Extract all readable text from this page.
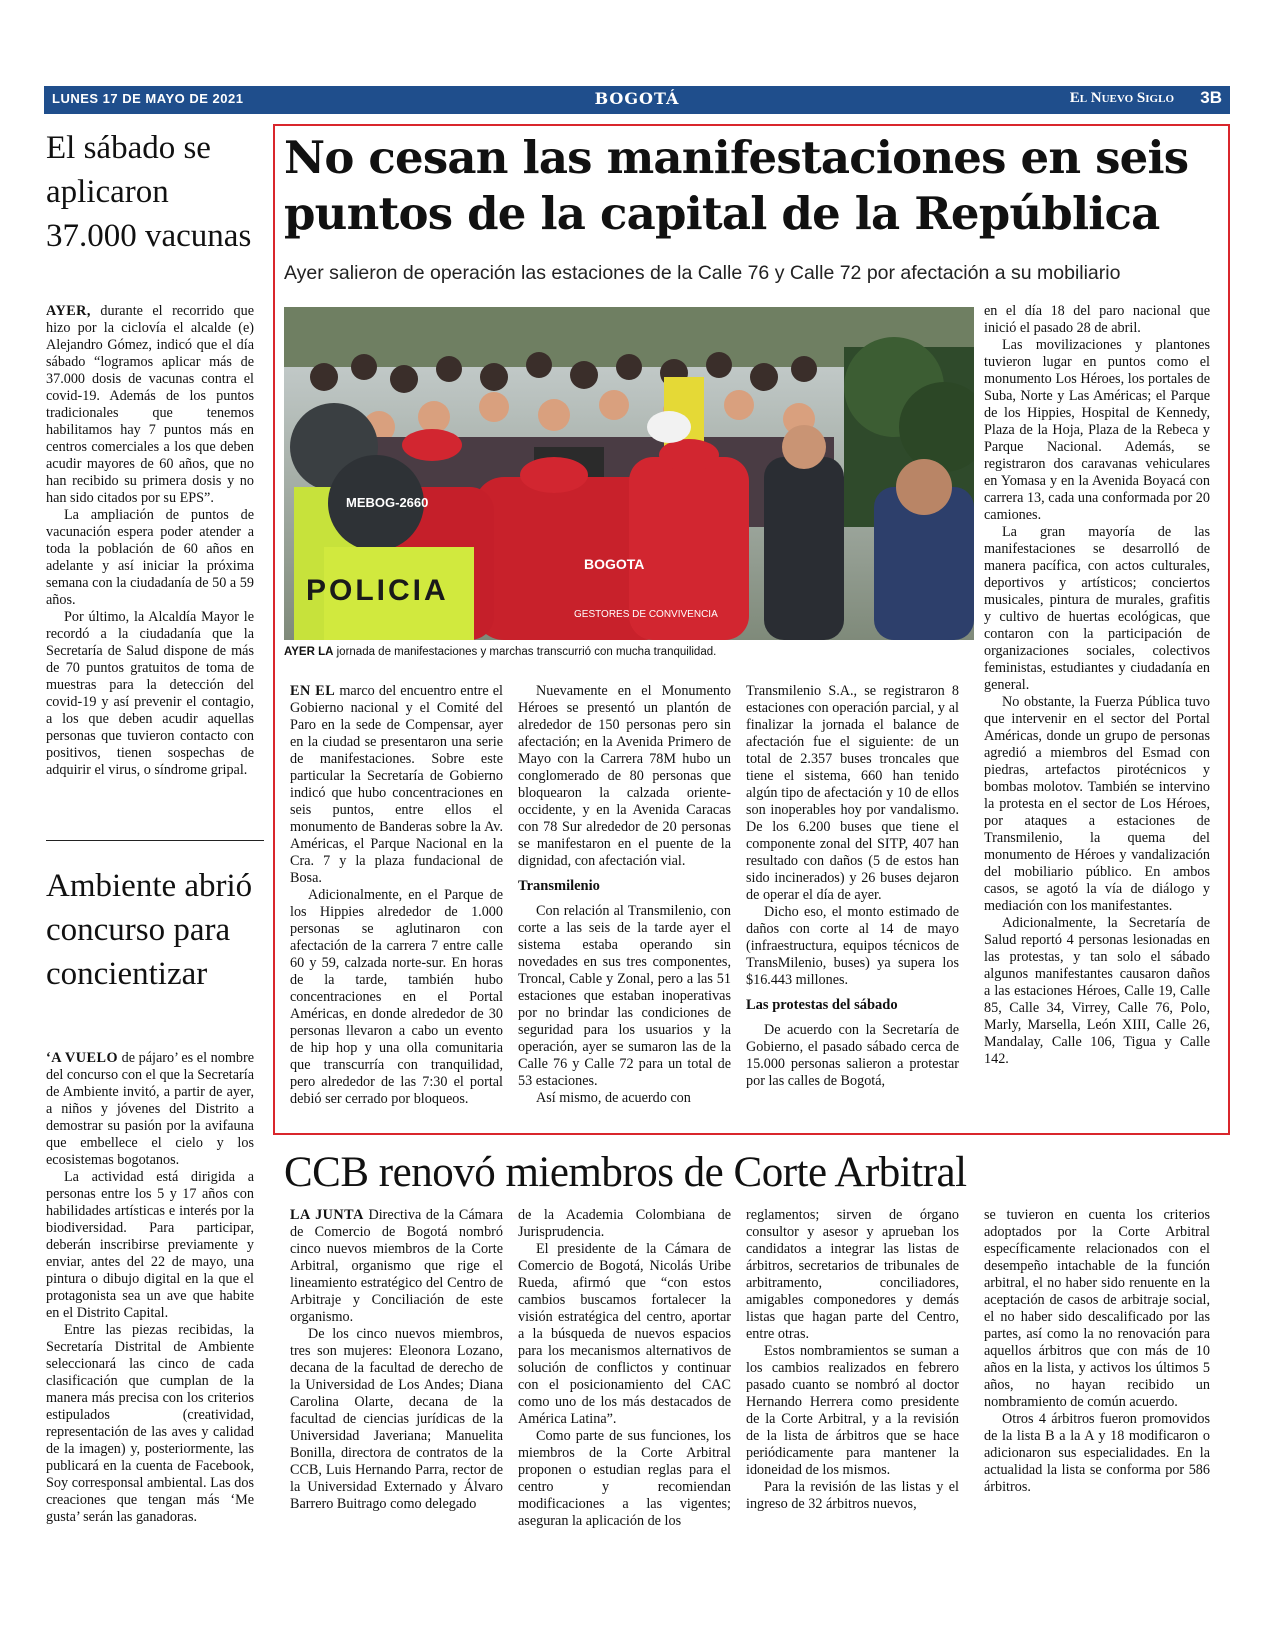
LUNES 17 DE MAYO DE 2021	BOGOTÁ	El Nuevo Siglo 3B
El sábado se aplicaron 37.000 vacunas

AYER, durante el recorrido que hizo por la ciclovía el alcalde (e) Alejandro Gómez, indicó que el día sábado “logramos aplicar más de 37.000 dosis de vacunas contra el covid-19. Además de los puntos tradicionales que tenemos habilitamos hay 7 puntos más en centros comerciales a los que deben acudir mayores de 60 años, que no han recibido su primera dosis y no han sido citados por su EPS”.

La ampliación de puntos de vacunación espera poder atender a toda la población de 60 años en adelante y así iniciar la próxima semana con la ciudadanía de 50 a 59 años.

Por último, la Alcaldía Mayor le recordó a la ciudadanía que la Secretaría de Salud dispone de más de 70 puntos gratuitos de toma de muestras para la detección del covid-19 y así prevenir el contagio, a los que deben acudir aquellas personas que tuvieron contacto con positivos, tienen sospechas de adquirir el virus, o síndrome gripal.

Ambiente abrió concurso para concientizar

‘A VUELO de pájaro’ es el nombre del concurso con el que la Secretaría de Ambiente invitó, a partir de ayer, a niños y jóvenes del Distrito a demostrar su pasión por la avifauna que embellece el cielo y los ecosistemas bogotanos.

La actividad está dirigida a personas entre los 5 y 17 años con habilidades artísticas e interés por la biodiversidad. Para participar, deberán inscribirse previamente y enviar, antes del 22 de mayo, una pintura o dibujo digital en la que el protagonista sea un ave que habite en el Distrito Capital.

Entre las piezas recibidas, la Secretaría Distrital de Ambiente seleccionará las cinco de cada clasificación que cumplan de la manera más precisa con los criterios estipulados (creatividad, representación de las aves y calidad de la imagen) y, posteriormente, las publicará en la cuenta de Facebook, Soy corresponsal ambiental. Las dos creaciones que tengan más ‘Me gusta’ serán las ganadoras.

No cesan las manifestaciones en seis puntos de la capital de la República
Ayer salieron de operación las estaciones de la Calle 76 y Calle 72 por afectación a su mobiliario
MEBOG-2660
POLICIA
BOGOTA
GESTORES DE CONVIVENCIA
AYER LA jornada de manifestaciones y marchas transcurrió con mucha tranquilidad.

EN EL marco del encuentro entre el Gobierno nacional y el Comité del Paro en la sede de Compensar, ayer en la ciudad se presentaron una serie de manifestaciones. Sobre este particular la Secretaría de Gobierno indicó que hubo concentraciones en seis puntos, entre ellos el monumento de Banderas sobre la Av. Américas, el Parque Nacional en la Cra. 7 y la plaza fundacional de Bosa.

Adicionalmente, en el Parque de los Hippies alrededor de 1.000 personas se aglutinaron con afectación de la carrera 7 entre calle 60 y 59, calzada norte-sur. En horas de la tarde, también hubo concentraciones en el Portal Américas, en donde alrededor de 30 personas llevaron a cabo un evento de hip hop y una olla comunitaria que transcurría con tranquilidad, pero alrededor de las 7:30 el portal debió ser cerrado por bloqueos.

Nuevamente en el Monumento Héroes se presentó un plantón de alrededor de 150 personas pero sin afectación; en la Avenida Primero de Mayo con la Carrera 78M hubo un conglomerado de 80 personas que bloquearon la calzada oriente-occidente, y en la Avenida Caracas con 78 Sur alrededor de 20 personas se manifestaron en el puente de la dignidad, con afectación vial.

Transmilenio

Con relación al Transmilenio, con corte a las seis de la tarde ayer el sistema estaba operando sin novedades en sus tres componentes, Troncal, Cable y Zonal, pero a las 51 estaciones que estaban inoperativas por no brindar las condiciones de seguridad para los usuarios y la operación, ayer se sumaron las de la Calle 76 y Calle 72 para un total de 53 estaciones.

Así mismo, de acuerdo con

Transmilenio S.A., se registraron 8 estaciones con operación parcial, y al finalizar la jornada el balance de afectación fue el siguiente: de un total de 2.357 buses troncales que tiene el sistema, 660 han tenido algún tipo de afectación y 10 de ellos son inoperables hoy por vandalismo. De los 6.200 buses que tiene el componente zonal del SITP, 407 han resultado con daños (5 de estos han sido incinerados) y 26 buses dejaron de operar el día de ayer.

Dicho eso, el monto estimado de daños con corte al 14 de mayo (infraestructura, equipos técnicos de TransMilenio, buses) ya supera los $16.443 millones.

Las protestas del sábado

De acuerdo con la Secretaría de Gobierno, el pasado sábado cerca de 15.000 personas salieron a protestar por las calles de Bogotá,

en el día 18 del paro nacional que inició el pasado 28 de abril.

Las movilizaciones y plantones tuvieron lugar en puntos como el monumento Los Héroes, los portales de Suba, Norte y Las Américas; el Parque de los Hippies, Hospital de Kennedy, Plaza de la Hoja, Plaza de la Rebeca y Parque Nacional. Además, se registraron dos caravanas vehiculares en Yomasa y en la Avenida Boyacá con carrera 13, cada una conformada por 20 camiones.

La gran mayoría de las manifestaciones se desarrolló de manera pacífica, con actos culturales, deportivos y artísticos; conciertos musicales, pintura de murales, grafitis y cultivo de huertas ecológicas, que contaron con la participación de organizaciones sociales, colectivos feministas, estudiantes y ciudadanía en general.

No obstante, la Fuerza Pública tuvo que intervenir en el sector del Portal Américas, donde un grupo de personas agredió a miembros del Esmad con piedras, artefactos pirotécnicos y bombas molotov. También se intervino la protesta en el sector de Los Héroes, por ataques a estaciones de Transmilenio, la quema del monumento de Héroes y vandalización del mobiliario público. En ambos casos, se agotó la vía de diálogo y mediación con los manifestantes.

Adicionalmente, la Secretaría de Salud reportó 4 personas lesionadas en las protestas, y tan solo el sábado algunos manifestantes causaron daños a las estaciones Héroes, Calle 19, Calle 85, Calle 34, Virrey, Calle 76, Polo, Marly, Marsella, León XIII, Calle 26, Mandalay, Calle 106, Tigua y Calle 142.

CCB renovó miembros de Corte Arbitral

LA JUNTA Directiva de la Cámara de Comercio de Bogotá nombró cinco nuevos miembros de la Corte Arbitral, organismo que rige el lineamiento estratégico del Centro de Arbitraje y Conciliación de este organismo.

De los cinco nuevos miembros, tres son mujeres: Eleonora Lozano, decana de la facultad de derecho de la Universidad de Los Andes; Diana Carolina Olarte, decana de la facultad de ciencias jurídicas de la Universidad Javeriana; Manuelita Bonilla, directora de contratos de la CCB, Luis Hernando Parra, rector de la Universidad Externado y Álvaro Barrero Buitrago como delegado

de la Academia Colombiana de Jurisprudencia.

El presidente de la Cámara de Comercio de Bogotá, Nicolás Uribe Rueda, afirmó que “con estos cambios buscamos fortalecer la visión estratégica del centro, aportar a la búsqueda de nuevos espacios para los mecanismos alternativos de solución de conflictos y continuar con el posicionamiento del CAC como uno de los más destacados de América Latina”.

Como parte de sus funciones, los miembros de la Corte Arbitral proponen o estudian reglas para el centro y recomiendan modificaciones a las vigentes; aseguran la aplicación de los

reglamentos; sirven de órgano consultor y asesor y aprueban los candidatos a integrar las listas de árbitros, secretarios de tribunales de arbitramento, conciliadores, amigables componedores y demás listas que hagan parte del Centro, entre otras.

Estos nombramientos se suman a los cambios realizados en febrero pasado cuanto se nombró al doctor Hernando Herrera como presidente de la Corte Arbitral, y a la revisión de la lista de árbitros que se hace periódicamente para mantener la idoneidad de los mismos.

Para la revisión de las listas y el ingreso de 32 árbitros nuevos,

se tuvieron en cuenta los criterios adoptados por la Corte Arbitral específicamente relacionados con el desempeño intachable de la función arbitral, el no haber sido renuente en la aceptación de casos de arbitraje social, el no haber sido descalificado por las partes, así como la no renovación para aquellos árbitros que con más de 10 años en la lista, y activos los últimos 5 años, no hayan recibido un nombramiento de común acuerdo.

Otros 4 árbitros fueron promovidos de la lista B a la A y 18 modificaron o adicionaron sus especialidades. En la actualidad la lista se conforma por 586 árbitros.
